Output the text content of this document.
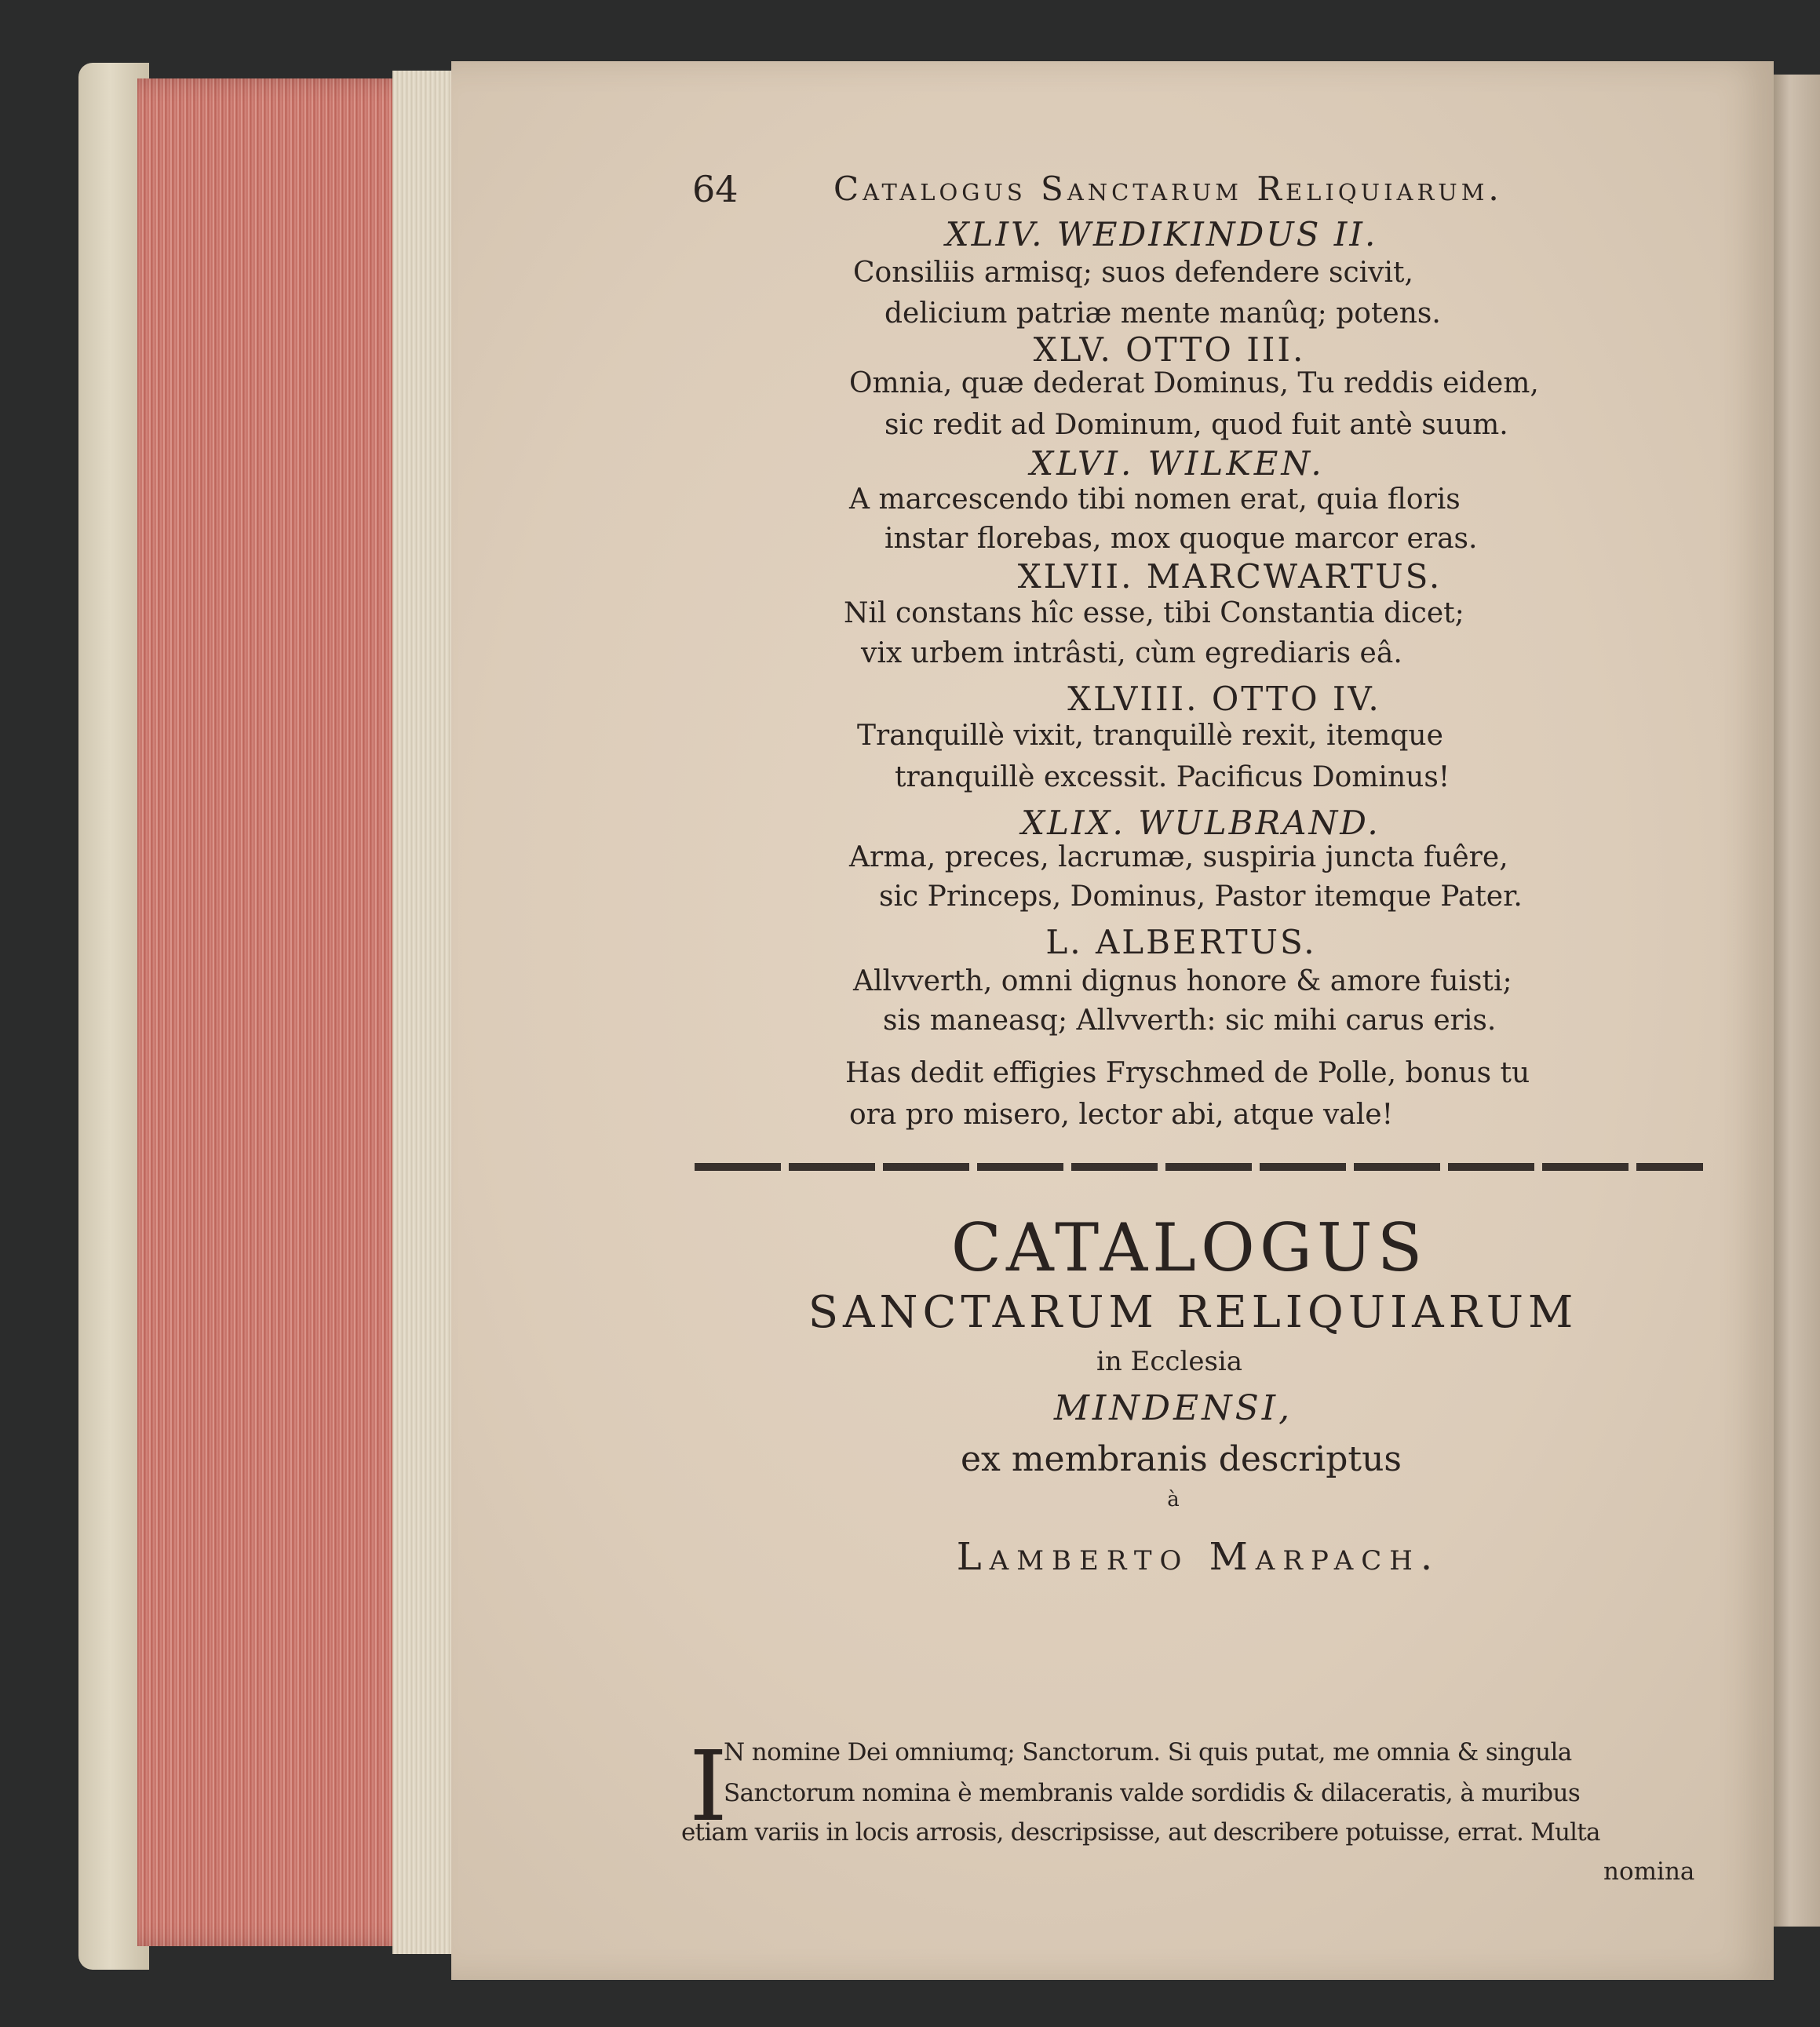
64	Catalogus Sanctarum Reliquiarum.
XLIV. WEDIKINDUS II.
Consiliis armisq; suos defendere scivit,
delicium patriæ mente manûq; potens.
XLV. OTTO III.
Omnia, quæ dederat Dominus, Tu reddis eidem,
sic redit ad Dominum, quod fuit antè suum.
XLVI. WILKEN.
A marcescendo tibi nomen erat, quia floris
instar florebas, mox quoque marcor eras.
XLVII. MARCWARTUS.
Nil constans hîc esse, tibi Constantia dicet;
vix urbem intrâsti, cùm egrediaris eâ.
XLVIII. OTTO IV.
Tranquillè vixit, tranquillè rexit, itemque
tranquillè excessit. Pacificus Dominus!
XLIX. WULBRAND.
Arma, preces, lacrumæ, suspiria juncta fuêre,
sic Princeps, Dominus, Pastor itemque Pater.
L. ALBERTUS.
Allvverth, omni dignus honore & amore fuisti;
sis maneasq; Allvverth: sic mihi carus eris.
Has dedit effigies Fryschmed de Polle, bonus tu
ora pro misero, lector abi, atque vale!
CATALOGUS
SANCTARUM RELIQUIARUM
in Ecclesia
MINDENSI,
ex membranis descriptus
à
Lamberto Marpach.
I
N nomine Dei omniumq; Sanctorum. Si quis putat, me omnia & singula
Sanctorum nomina è membranis valde sordidis & dilaceratis, à muribus
etiam variis in locis arrosis, descripsisse, aut describere potuisse, errat. Multa
nomina
